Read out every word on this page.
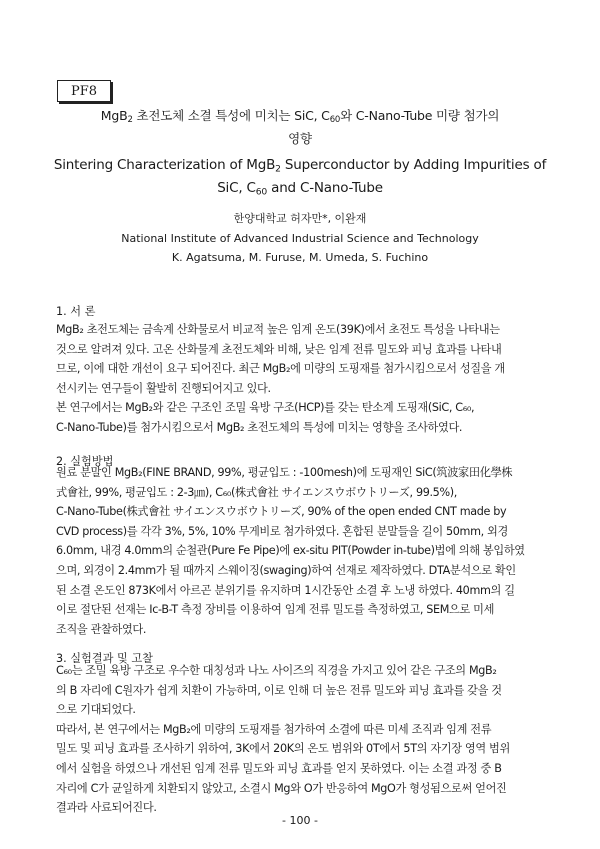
PF8
MgB$_2$ 초전도체 소결 특성에 미치는 SiC, $C_{60}$와 C-Nano-Tube 미량 첨가의
영향
Sintering Characterization of MgB$_2$ Superconductor by Adding Impurities of
SiC, $C_{60}$ and C-Nano-Tube
한양대학교 허자만*, 이완재
National Institute of Advanced Industrial Science and Technology
K. Agatsuma, M. Furuse, M. Umeda, S. Fuchino
1. 서 론

MgB₂ 초전도체는 금속계 산화물로서 비교적 높은 임계 온도(39K)에서 초전도 특성을 나타내는
것으로 알려져 있다. 고온 산화물계 초전도체와 비해, 낮은 임계 전류 밀도와 피닝 효과를 나타내
므로, 이에 대한 개선이 요구 되어진다. 최근 MgB₂에 미량의 도핑재를 첨가시킴으로서 성질을 개
선시키는 연구들이 활발히 진행되어지고 있다.
본 연구에서는 MgB₂와 같은 구조인 조밀 육방 구조(HCP)를 갖는 탄소계 도핑재(SiC, C₆₀,
C-Nano-Tube)를 첨가시킴으로서 MgB₂ 초전도체의 특성에 미치는 영향을 조사하였다.

2. 실험방법

원료 분말인 MgB₂(FINE BRAND, 99%, 평균입도 : -100mesh)에 도핑재인 SiC(筑波家田化學株
式會社, 99%, 평균입도 : 2-3㎛), C₆₀(株式會社 サイエンスウボウトリーズ, 99.5%),
C-Nano-Tube(株式會社 サイエンスウボウトリーズ, 90% of the open ended CNT made by
CVD process)를 각각 3%, 5%, 10% 무게비로 첨가하였다. 혼합된 분말들을 길이 50mm, 외경
6.0mm, 내경 4.0mm의 순철관(Pure Fe Pipe)에 ex-situ PIT(Powder in-tube)법에 의해 봉입하였
으며, 외경이 2.4mm가 될 때까지 스웨이징(swaging)하여 선재로 제작하였다. DTA분석으로 확인
된 소결 온도인 873K에서 아르곤 분위기를 유지하며 1시간동안 소결 후 노냉 하였다. 40mm의 길
이로 절단된 선재는 Ic-B-T 측정 장비를 이용하여 임계 전류 밀도를 측정하였고, SEM으로 미세
조직을 관찰하였다.

3. 실험결과 및 고찰

C₆₀는 조밀 육방 구조로 우수한 대칭성과 나노 사이즈의 직경을 가지고 있어 같은 구조의 MgB₂
의 B 자리에 C원자가 쉽게 치환이 가능하며, 이로 인해 더 높은 전류 밀도와 피닝 효과를 갖을 것
으로 기대되었다.
따라서, 본 연구에서는 MgB₂에 미량의 도핑재를 첨가하여 소결에 따른 미세 조직과 임계 전류
밀도 및 피닝 효과를 조사하기 위하여, 3K에서 20K의 온도 범위와 0T에서 5T의 자기장 영역 범위
에서 실험을 하였으나 개선된 임계 전류 밀도와 피닝 효과를 얻지 못하였다. 이는 소결 과정 중 B
자리에 C가 균일하게 치환되지 않았고, 소결시 Mg와 O가 반응하여 MgO가 형성됨으로써 얻어진
결과라 사료되어진다.

- 100 -
